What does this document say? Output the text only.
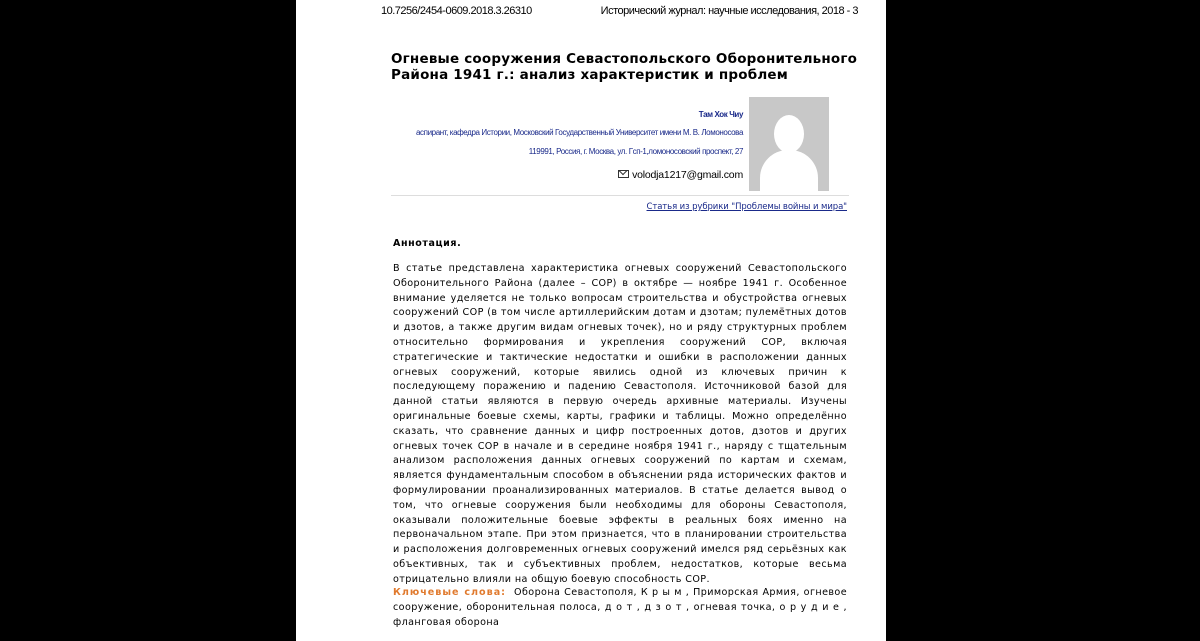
10.7256/2454-0609.2018.3.26310	Исторический журнал: научные исследования, 2018 - 3
Огневые сооружения Севастопольского Оборонительного Района 1941 г.: анализ характеристик и проблем
Там Хок Чиу
аспирант, кафедра Истории, Московский Государственный Университет имени М. В. Ломоносова
119991, Россия, г. Москва, ул. Гсп-1,ломоносовский проспект, 27
volodja1217@gmail.com
Статья из рубрики "Проблемы войны и мира"
Аннотация.
В статье представлена характеристика огневых сооружений Севастопольского Оборонительного Района (далее – СОР) в октябре — ноябре 1941 г. Особенное внимание уделяется не только вопросам строительства и обустройства огневых сооружений СОР (в том числе артиллерийским дотам и дзотам; пулемётных дотов и дзотов, а также другим видам огневых точек), но и ряду структурных проблем относительно формирования и укрепления сооружений СОР, включая стратегические и тактические недостатки и ошибки в расположении данных огневых сооружений, которые явились одной из ключевых причин к последующему поражению и падению Севастополя. Источниковой базой для данной статьи являются в первую очередь архивные материалы. Изучены оригинальные боевые схемы, карты, графики и таблицы. Можно определённо сказать, что сравнение данных и цифр построенных дотов, дзотов и других огневых точек СОР в начале и в середине ноября 1941 г., наряду с тщательным анализом расположения данных огневых сооружений по картам и схемам, является фундаментальным способом в объяснении ряда исторических фактов и формулировании проанализированных материалов. В статье делается вывод о том, что огневые сооружения были необходимы для обороны Севастополя, оказывали положительные боевые эффекты в реальных боях именно на первоначальном этапе. При этом признается, что в планировании строительства и расположения долговременных огневых сооружений имелся ряд серьёзных как объективных, так и субъективных проблем, недостатков, которые весьма отрицательно влияли на общую боевую способность СОР.
Ключевые слова: Оборона Севастополя, К р ы м , Приморская Армия, огневое сооружение, оборонительная полоса, д о т , д з о т , огневая точка, о р у д и е , фланговая оборона
